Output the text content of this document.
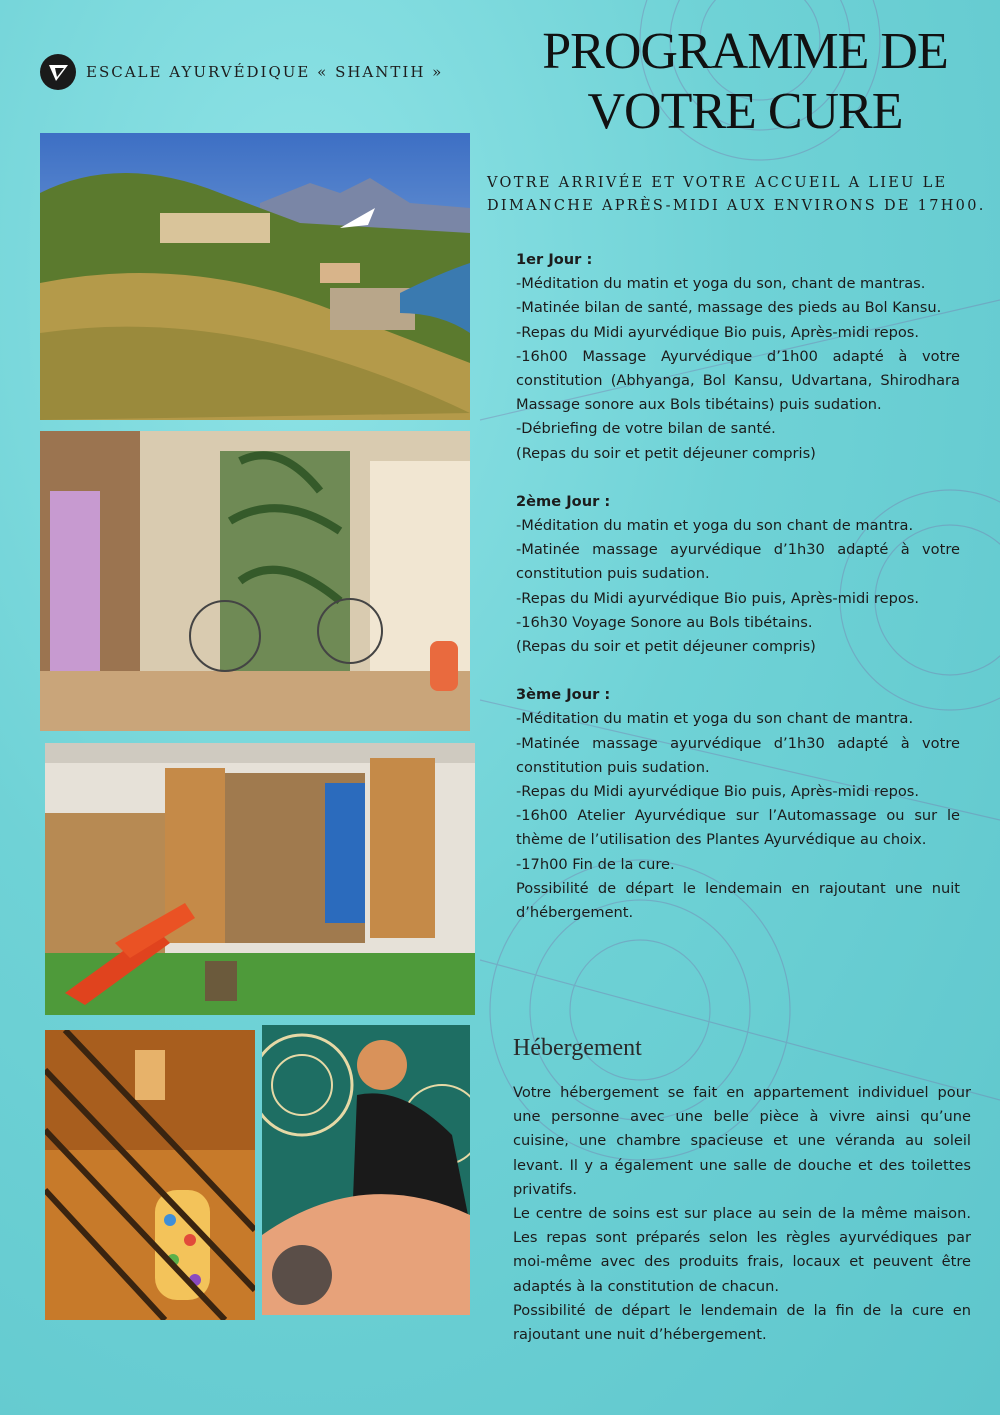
ESCALE AYURVÉDIQUE « SHANTIH »	PROGRAMME DE
VOTRE CURE
VOTRE ARRIVÉE ET VOTRE ACCUEIL A LIEU LE DIMANCHE APRÈS-MIDI AUX ENVIRONS DE 17H00.
1er Jour :
-Méditation du matin et yoga du son, chant de mantras.
-Matinée bilan de santé, massage des pieds au Bol Kansu.
-Repas du Midi ayurvédique Bio puis, Après-midi repos.
-16h00 Massage Ayurvédique d’1h00 adapté à votre constitution (Abhyanga, Bol Kansu, Udvartana, Shirodhara Massage sonore aux Bols tibétains) puis sudation.
-Débriefing de votre bilan de santé.
(Repas du soir et petit déjeuner compris)
2ème Jour :
-Méditation du matin et yoga du son chant de mantra.
-Matinée massage ayurvédique d’1h30 adapté à votre constitution puis sudation.
-Repas du Midi ayurvédique Bio puis, Après-midi repos.
-16h30 Voyage Sonore au Bols tibétains.
(Repas du soir et petit déjeuner compris)
3ème Jour :
-Méditation du matin et yoga du son chant de mantra.
-Matinée massage ayurvédique d’1h30 adapté à votre constitution puis sudation.
-Repas du Midi ayurvédique Bio puis, Après-midi repos.
-16h00 Atelier Ayurvédique sur l’Automassage ou sur le thème de l’utilisation des Plantes Ayurvédique au choix.
-17h00 Fin de la cure.
Possibilité de départ le lendemain en rajoutant une nuit d’hébergement.
Hébergement

Votre hébergement se fait en appartement individuel pour une personne avec une belle pièce à vivre ainsi qu’une cuisine, une chambre spacieuse et une véranda au soleil levant. Il y a également une salle de douche et des toilettes privatifs.

Le centre de soins est sur place au sein de la même maison. Les repas sont préparés selon les règles ayurvédiques par moi-même avec des produits frais, locaux et peuvent être adaptés à la constitution de chacun.

Possibilité de départ le lendemain de la fin de la cure en rajoutant une nuit d’hébergement.
